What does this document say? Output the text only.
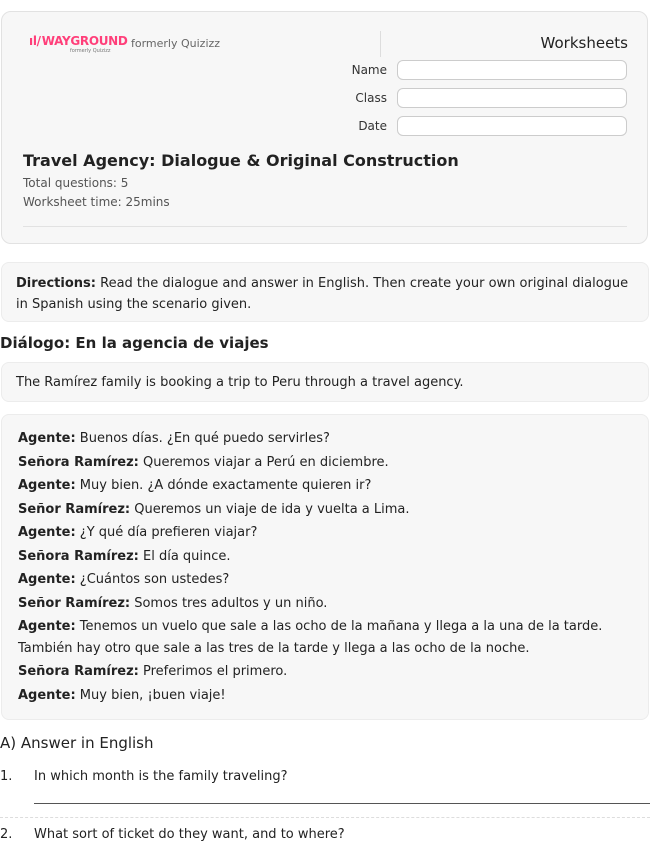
ıl/WAYGROUND
formerly Quizizz
formerly Quizizz	Worksheets
Name
Class
Date
Travel Agency: Dialogue & Original Construction
Total questions: 5
Worksheet time: 25mins
Directions: Read the dialogue and answer in English. Then create your own original dialogue in Spanish using the scenario given.
Diálogo: En la agencia de viajes
The Ramírez family is booking a trip to Peru through a travel agency.
Agente: Buenos días. ¿En qué puedo servirles?
Señora Ramírez: Queremos viajar a Perú en diciembre.
Agente: Muy bien. ¿A dónde exactamente quieren ir?
Señor Ramírez: Queremos un viaje de ida y vuelta a Lima.
Agente: ¿Y qué día prefieren viajar?
Señora Ramírez: El día quince.
Agente: ¿Cuántos son ustedes?
Señor Ramírez: Somos tres adultos y un niño.
Agente: Tenemos un vuelo que sale a las ocho de la mañana y llega a la una de la tarde. También hay otro que sale a las tres de la tarde y llega a las ocho de la noche.
Señora Ramírez: Preferimos el primero.
Agente: Muy bien, ¡buen viaje!
A) Answer in English
1. In which month is the family traveling?
2. What sort of ticket do they want, and to where?
